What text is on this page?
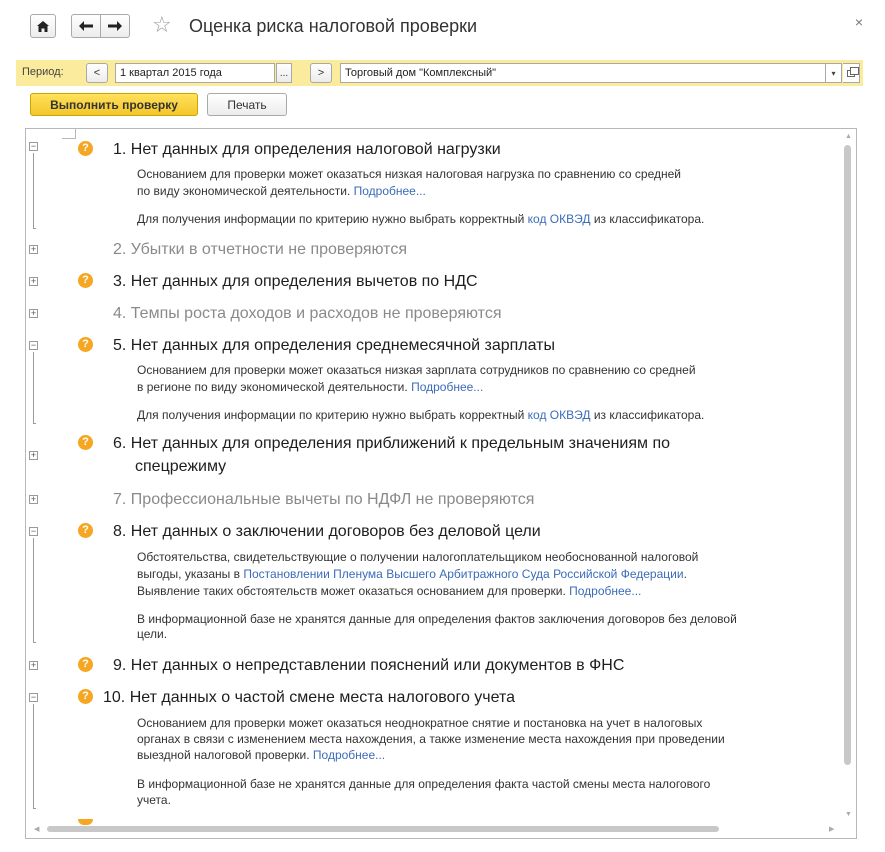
☆ Оценка риска налоговой проверки	×
Период:	<	1 квартал 2015 года	...	>	Торговый дом "Комплексный"	▾
Выполнить проверку	Печать
−	? 1. Нет данных для определения налоговой нагрузки
Основанием для проверки может оказаться низкая налоговая нагрузка по сравнению со средней
по виду экономической деятельности. Подробнее...
Для получения информации по критерию нужно выбрать корректный код ОКВЭД из классификатора.
+	2. Убытки в отчетности не проверяются
+	? 3. Нет данных для определения вычетов по НДС
+	4. Темпы роста доходов и расходов не проверяются
−	? 5. Нет данных для определения среднемесячной зарплаты
Основанием для проверки может оказаться низкая зарплата сотрудников по сравнению со средней
в регионе по виду экономической деятельности. Подробнее...
Для получения информации по критерию нужно выбрать корректный код ОКВЭД из классификатора.
+
? 6. Нет данных для определения приближений к предельным значениям по
спецрежиму
+	7. Профессиональные вычеты по НДФЛ не проверяются
−	? 8. Нет данных о заключении договоров без деловой цели
Обстоятельства, свидетельствующие о получении налогоплательщиком необоснованной налоговой
выгоды, указаны в Постановлении Пленума Высшего Арбитражного Суда Российской Федерации.
Выявление таких обстоятельств может оказаться основанием для проверки. Подробнее...
В информационной базе не хранятся данные для определения фактов заключения договоров без деловой
цели.
+	? 9. Нет данных о непредставлении пояснений или документов в ФНС
−	? 10. Нет данных о частой смене места налогового учета
Основанием для проверки может оказаться неоднократное снятие и постановка на учет в налоговых
органах в связи с изменением места нахождения, а также изменение места нахождения при проведении
выездной налоговой проверки. Подробнее...
В информационной базе не хранятся данные для определения факта частой смены места налогового
учета.
▲
▼
◀	▶
